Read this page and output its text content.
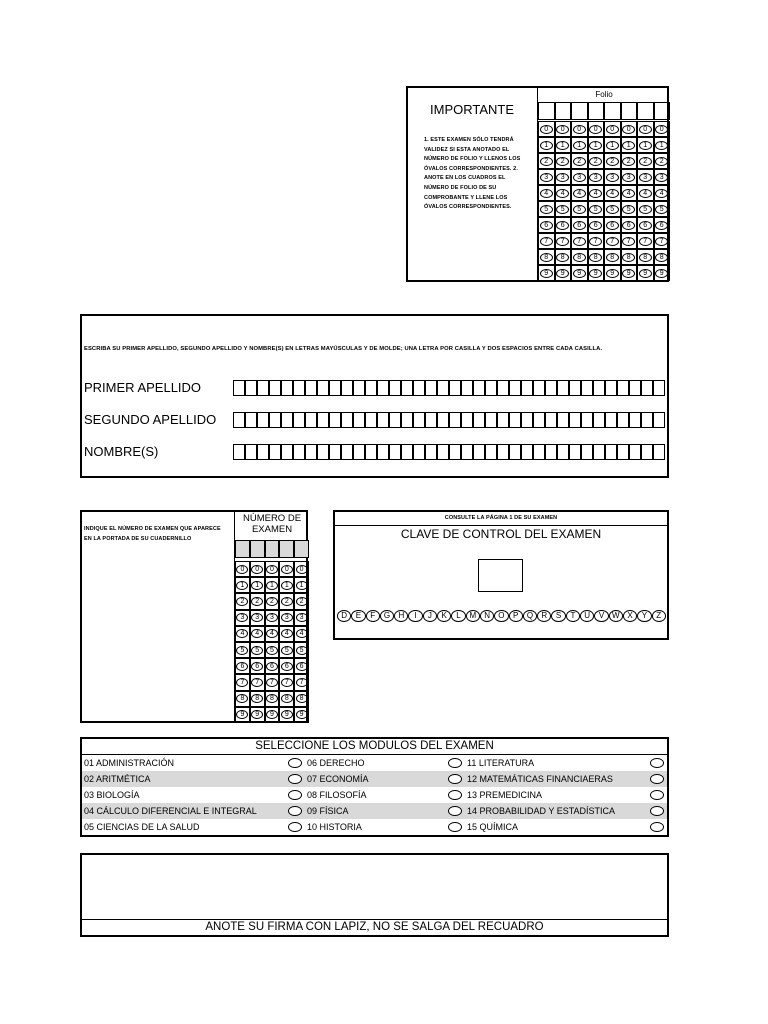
IMPORTANTE
1. ESTE EXAMEN SÓLO TENDRÁ VALIDEZ SI ESTA ANOTADO EL NÚMERO DE FOLIO Y LLENOS LOS ÓVALOS CORRESPONDIENTES. 2. ANOTE EN LOS CUADROS EL NÚMERO DE FOLIO DE SU COMPROBANTE Y LLENE LOS ÓVALOS CORRESPONDIENTES.
Folio
0	0	0	0	0	0	0	0
1	1	1	1	1	1	1	1
2	2	2	2	2	2	2	2
3	3	3	3	3	3	3	3
4	4	4	4	4	4	4	4
5	5	5	5	5	5	5	5
6	6	6	6	6	6	6	6
7	7	7	7	7	7	7	7
8	8	8	8	8	8	8	8
9	9	9	9	9	9	9	9
ESCRIBA SU PRIMER APELLIDO, SEGUNDO APELLIDO Y NOMBRE(S) EN LETRAS MAYÚSCULAS Y DE MOLDE; UNA LETRA POR CASILLA Y DOS ESPACIOS ENTRE CADA CASILLA.
PRIMER APELLIDO
SEGUNDO APELLIDO
NOMBRE(S)
INDIQUE EL NÚMERO DE EXAMEN QUE APARECE EN LA PORTADA DE SU CUADERNILLO
NÚMERO DE EXAMEN
0	0	0	0	0
1	1	1	1	1
2	2	2	2	2
3	3	3	3	3
4	4	4	4	4
5	5	5	5	5
6	6	6	6	6
7	7	7	7	7
8	8	8	8	8
9	9	9	9	9
CONSULTE LA PÁGINA 1 DE SU EXAMEN
CLAVE DE CONTROL DEL EXAMEN
D E F G H I J K L M N O P Q R S T U V W X Y Z
SELECCIONE LOS MODULOS DEL EXAMEN
01 ADMINISTRACIÓN
02 ARITMÉTICA
03 BIOLOGÍA
04 CÁLCULO DIFERENCIAL E INTEGRAL
05 CIENCIAS DE LA SALUD
06 DERECHO
07 ECONOMÍA
08 FILOSOFÍA
09 FÍSICA
10 HISTORIA
11 LITERATURA
12 MATEMÁTICAS FINANCIAERAS
13 PREMEDICINA
14 PROBABILIDAD Y ESTADÍSTICA
15 QUÍMICA
ANOTE SU FIRMA CON LAPIZ, NO SE SALGA DEL RECUADRO
